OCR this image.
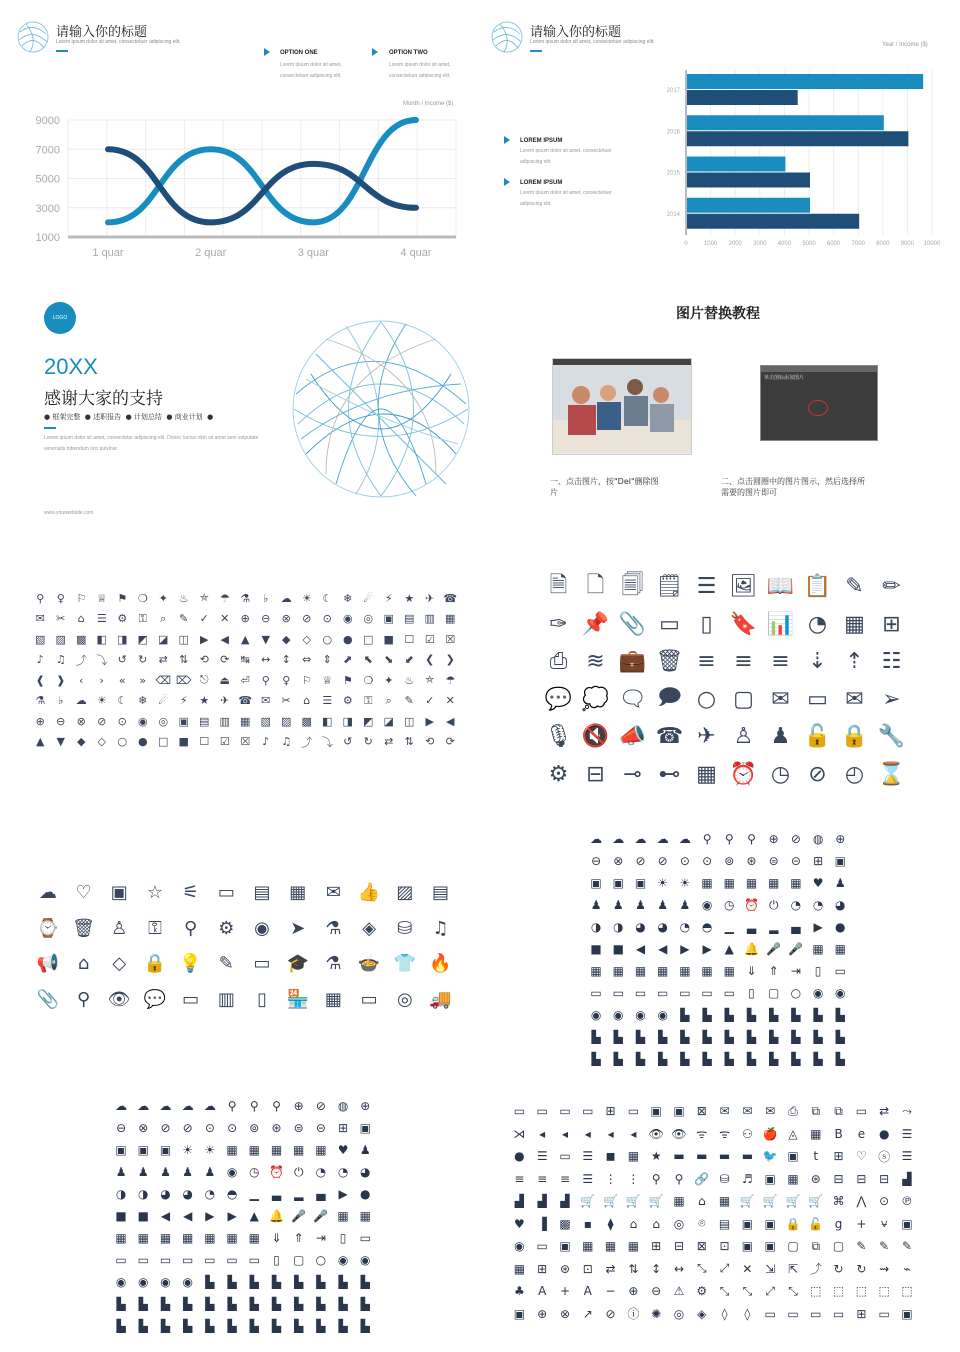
请输入你的标题
Lorem ipsum dolor sit amet, consectetuer adipiscing elit.
OPTION ONE
Lorem ipsum dolor sit amet, consectetuer adipiscing elit.
OPTION TWO
Lorem ipsum dolor sit amet, consectetuer adipiscing elit.
Month / Income ($)
1000
3000
5000
7000
9000
1 quar	2 quar	3 quar	4 quar
请输入你的标题
Lorem ipsum dolor sit amet, consectetuer adipiscing elit.	Year / Income ($)
LOREM IPSUM
Lorem ipsum dolor sit amet, consectetuer adipiscing elit.
LOREM IPSUM
Lorem ipsum dolor sit amet, consectetuer adipiscing elit.
0	1000 2000 3000 4000 5000 6000 7000 8000 9000 10000
2017
2016
2015
2014
LOGO
20XX
感谢大家的支持
● 框架完整  ● 述职报告  ● 计划总结  ● 商业计划  ●
Lorem ipsum dolor sit amet, consectetur adipiscing elit. Donec luctus nibh sit amet sem vulputate venenatis bibendum orci pulvinar.
www.yourwebsite.com
图片替换教程
单击图标添加图片
一、点击图片，按"Del"删除图片
二、点击圆圈中的图片图示，然后选择所需要的图片即可
⚲	♀	⚐ ♕ ⚑ ❍ ✦ ♨	⛤	☂ ⚗	♭	☁ ☀ ☾ ❄ ☄	⚡	★ ✈ ☎
✉	✂	⌂	☰ ⚙	⚿	⌕	✎	✓	✕	⊕	⊖	⊗	⊘	⊙	◉ ◎ ▣ ▤ ▥ ▦
▧ ▨ ▩ ◧ ◨ ◩ ◪ ◫	▶	◀	▲	▼	◆	◇	○ ● □ ■ ☐ ☑ ☒
♪	♫ ⤴ ⤵ ↺	↻	⇄	⇅	⟲	⟳	↹	↔	↕	⇔	⇕	⬈	⬉	⬊	⬋	❮	❯
❰	❱	‹	›	«	» ⌫ ⌦ ⎋ ⏏ ⏎	⚲	♀	⚐ ♕ ⚑ ❍ ✦ ♨	⛤	☂
⚗	♭	☁ ☀ ☾ ❄ ☄	⚡	★ ✈ ☎ ✉	✂	⌂	☰ ⚙	⚿	⌕	✎	✓	✕
⊕	⊖	⊗	⊘	⊙	◉ ◎ ▣ ▤ ▥ ▦ ▧ ▨ ▩ ◧ ◨ ◩ ◪ ◫	▶	◀
▲	▼	◆	◇	○ ● □ ■ ☐ ☑ ☒	♪	♫ ⤴ ⤵ ↺	↻	⇄	⇅	⟲	⟳
🗎 🗋 🗐 🗒 ☰ 🖼 📖 📋 ✎ ✏
✑ 📌 📎 ▭ ▯ 🔖 📊 ◔ ▦ ⊞
⎙ ≋ 💼 🗑 ≡ ≡ ≡ ⇣ ⇡ ☷
💬 💭 🗨 🗩 ○ ▢ ✉ ▭ ✉ ➢
🎙 🔇 📣 ☎ ✈ ♙ ♟ 🔓 🔒 🔧
⚙ ⊟ ⊸ ⊷ ▦ ⏰ ◷ ⊘ ◴ ⌛
☁	♡	▣	☆	⚟	▭	▤	▦	✉ 👍 ▨	▤
⌚ 🗑 ♙	⚿	⚲	⚙	◉	➤	⚗	◈	⛁	♫
📢	⌂	◇ 🔒 💡 ✎	▭ 🎓 ⚗ 🍲 👕 🔥
📎 ⚲ 👁 💬 ▭	▥	▯	🏪 ▦	▭	◎ 🚚
☁ ☁ ☁ ☁ ☁ ⚲	⚲	⚲	⊕	⊘ ◍ ⊕
⊖	⊗	⊘	⊘	⊙	⊙	⊚	⊛	⊜	⊝	⊞ ▣
▣ ▣ ▣ ☀ ☀ ▦ ▦ ▦ ▦ ▦ ♥ ♟
♟ ♟ ♟ ♟ ♟ ◉ ◷ ⏰ ⏻	◔ ◔ ◕
◑ ◑ ◕ ◕ ◔ ◓	▁	▃	▂	▄	▶	●
■ ■ ◀	◀	▶	▶	▲ 🔔 🎤 🎤 ▦ ▦
▦ ▦ ▦ ▦ ▦ ▦ ▦ ⇓	⇑	⇥	▯	▭
▭ ▭ ▭ ▭ ▭ ▭ ▭	▯	▢ ○ ◉ ◉
◉ ◉ ◉ ◉	▙	▙	▙	▙	▙	▙	▙	▙
▙	▙	▙	▙	▙	▙	▙	▙	▙	▙	▙	▙
▙	▙	▙	▙	▙	▙	▙	▙	▙	▙	▙	▙
☁ ☁ ☁ ☁ ☁ ⚲	⚲	⚲	⊕	⊘ ◍ ⊕
⊖	⊗	⊘	⊘	⊙	⊙	⊚	⊛	⊜	⊝	⊞ ▣
▣ ▣ ▣ ☀ ☀ ▦ ▦ ▦ ▦ ▦ ♥ ♟
♟ ♟ ♟ ♟ ♟ ◉ ◷ ⏰ ⏻	◔ ◔ ◕
◑ ◑ ◕ ◕ ◔ ◓	▁	▃	▂	▄	▶	●
■ ■ ◀	◀	▶	▶	▲ 🔔 🎤 🎤 ▦ ▦
▦ ▦ ▦ ▦ ▦ ▦ ▦ ⇓	⇑	⇥	▯	▭
▭ ▭ ▭ ▭ ▭ ▭ ▭	▯	▢ ○ ◉ ◉
◉ ◉ ◉ ◉	▙	▙	▙	▙	▙	▙	▙	▙
▙	▙	▙	▙	▙	▙	▙	▙	▙	▙	▙	▙
▙	▙	▙	▙	▙	▙	▙	▙	▙	▙	▙	▙
▭ ▭ ▭ ▭	⊞	▭ ▣ ▣	⊠	✉	✉	✉	⎙	⧉	⧉	▭	⇄	⤳
⋊	◂	◂	◂	◂	◂	👁 👁 ᯤ ᯤ ⚇ 🍎 ◬	▦	B	e	●	☰
●	☰ ▭ ☰	◼	▦ ★ ▬ ▬ ▬ ▬ 🐦 ▣	t	⊞	♡ ⓢ ☰
≡	≡	≡	☰ ⋮ ⋮	⚲	⚲ 🔗 ⛁	♬ ▣ ▦	⊛	⊟	⊟	⊟	▟
▟	▟	▟ 🛒 🛒 🛒 🛒 ▦	⌂	▦ 🛒 🛒 🛒 🛒 ⌘ ⋀	⊙ ℗
♥	▐	▩	▪	⧫	⌂	⌂	◎	⌾	▤ ▣ ▣ 🔒 🔓 g	+	⍱	▣
◉ ▭ ▣ ▦ ▦ ▦	⊞	⊟	⊠	⊡	▣ ▣ ▢	⧉	▢	✎	✎	✎
▦	⊞	⊛	⊡	⇄	⇅	↕	↔	⤡	⤢	✕	⇲	⇱ ⤴ ↻	↻	⇝	⌁
♣	A	+	A	−	⊕	⊖	⚠	⚙	⤡	⤡	⤢	⤡	⬚ ⬚ ⬚ ⬚ ⬚
▣	⊕	⊗	↗	⊘ ⓘ ✺	◎	◈	◊	◊	▭ ▭ ▭ ▭	⊞	▭ ▣
